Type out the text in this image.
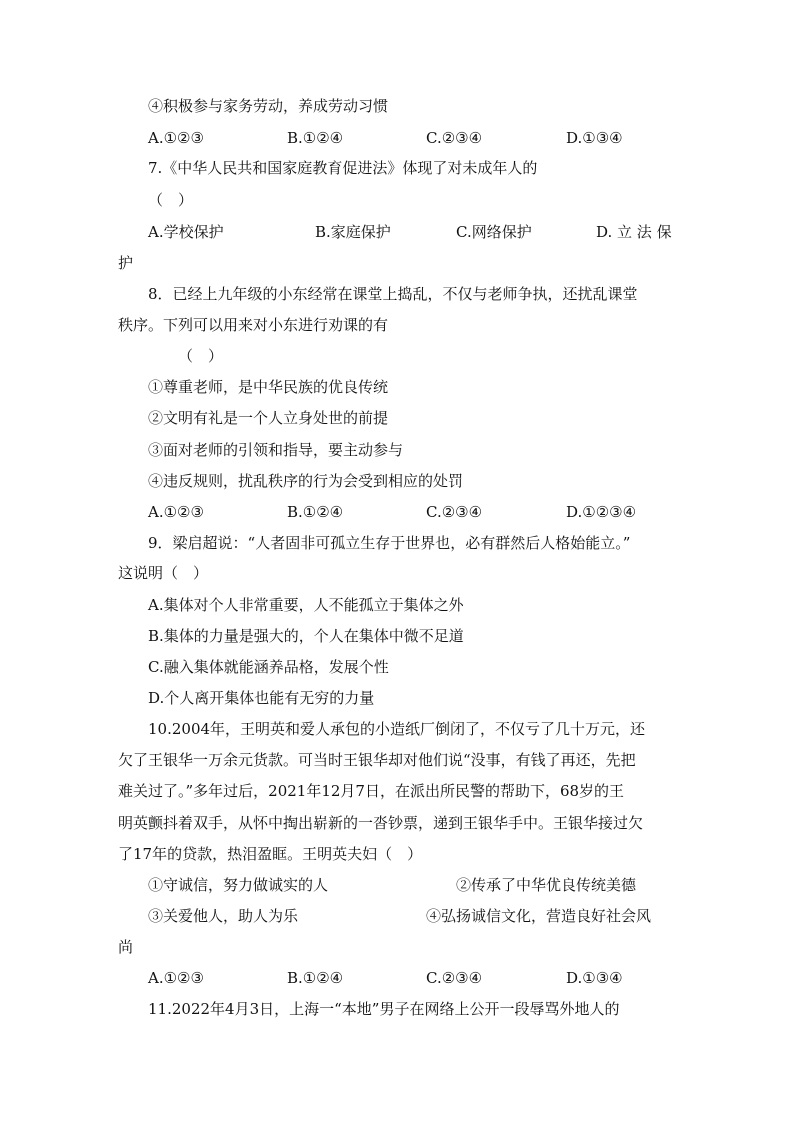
④积极参与家务劳动，养成劳动习惯
A.①②③	B.①②④	C.②③④	D.①③④
7.《中华人民共和国家庭教育促进法》体现了对未成年人的
（　）
A.学校保护	B.家庭保护	C.网络保护	D. 立 法 保
护
8．已经上九年级的小东经常在课堂上捣乱，不仅与老师争执，还扰乱课堂
秩序。下列可以用来对小东进行劝课的有
（　）
①尊重老师，是中华民族的优良传统
②文明有礼是一个人立身处世的前提
③面对老师的引领和指导，要主动参与
④违反规则，扰乱秩序的行为会受到相应的处罚
A.①②③	B.①②④	C.②③④	D.①②③④
9．梁启超说：“人者固非可孤立生存于世界也，必有群然后人格始能立。”
这说明（　）
A.集体对个人非常重要，人不能孤立于集体之外
B.集体的力量是强大的，个人在集体中微不足道
C.融入集体就能涵养品格，发展个性
D.个人离开集体也能有无穷的力量
10.2004年，王明英和爱人承包的小造纸厂倒闭了，不仅亏了几十万元，还
欠了王银华一万余元货款。可当时王银华却对他们说“没事，有钱了再还，先把
难关过了。”多年过后，2021年12月7日，在派出所民警的帮助下，68岁的王
明英颤抖着双手，从怀中掏出崭新的一沓钞票，递到王银华手中。王银华接过欠
了17年的贷款，热泪盈眶。王明英夫妇（　）
①守诚信，努力做诚实的人	②传承了中华优良传统美德
③关爱他人，助人为乐	④弘扬诚信文化，营造良好社会风
尚
A.①②③	B.①②④	C.②③④	D.①③④
11.2022年4月3日，上海一“本地”男子在网络上公开一段辱骂外地人的
